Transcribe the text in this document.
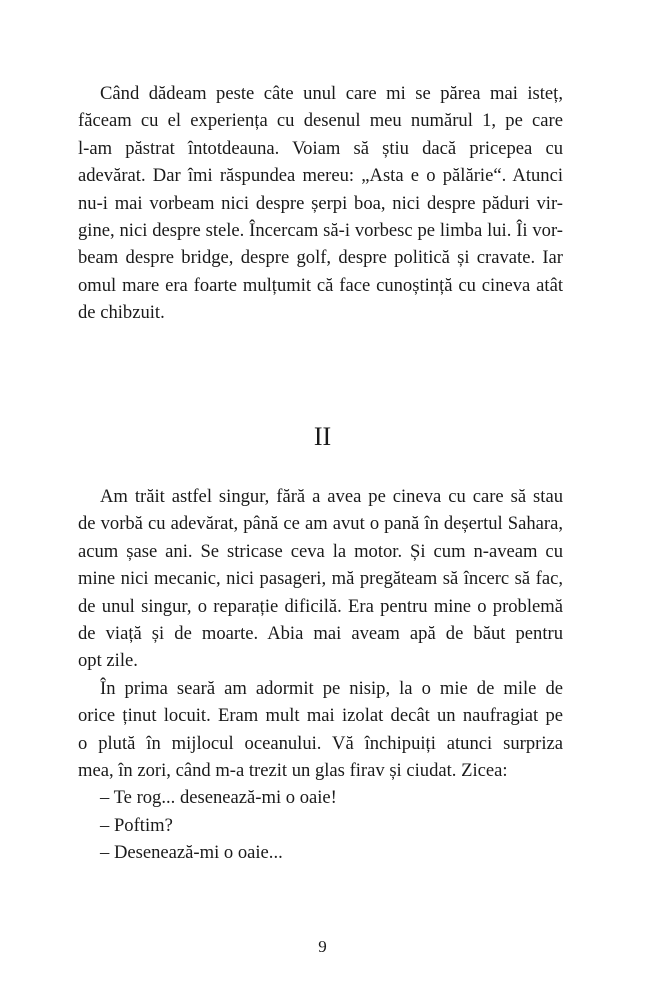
Când dădeam peste câte unul care mi se părea mai isteț,
făceam cu el experiența cu desenul meu numărul 1, pe care
l-am păstrat întotdeauna. Voiam să știu dacă pricepea cu
adevărat. Dar îmi răspundea mereu: „Asta e o pălărie“. Atunci
nu-i mai vorbeam nici despre șerpi boa, nici despre păduri vir-
gine, nici despre stele. Încercam să-i vorbesc pe limba lui. Îi vor-
beam despre bridge, despre golf, despre politică și cravate. Iar
omul mare era foarte mulțumit că face cunoștință cu cineva atât
de chibzuit.
II
Am trăit astfel singur, fără a avea pe cineva cu care să stau
de vorbă cu adevărat, până ce am avut o pană în deșertul Sahara,
acum șase ani. Se stricase ceva la motor. Și cum n-aveam cu
mine nici mecanic, nici pasageri, mă pregăteam să încerc să fac,
de unul singur, o reparație dificilă. Era pentru mine o problemă
de viață și de moarte. Abia mai aveam apă de băut pentru
opt zile.
În prima seară am adormit pe nisip, la o mie de mile de
orice ținut locuit. Eram mult mai izolat decât un naufragiat pe
o plută în mijlocul oceanului. Vă închipuiți atunci surpriza
mea, în zori, când m-a trezit un glas firav și ciudat. Zicea:
– Te rog... desenează-mi o oaie!
– Poftim?
– Desenează-mi o oaie...
9
